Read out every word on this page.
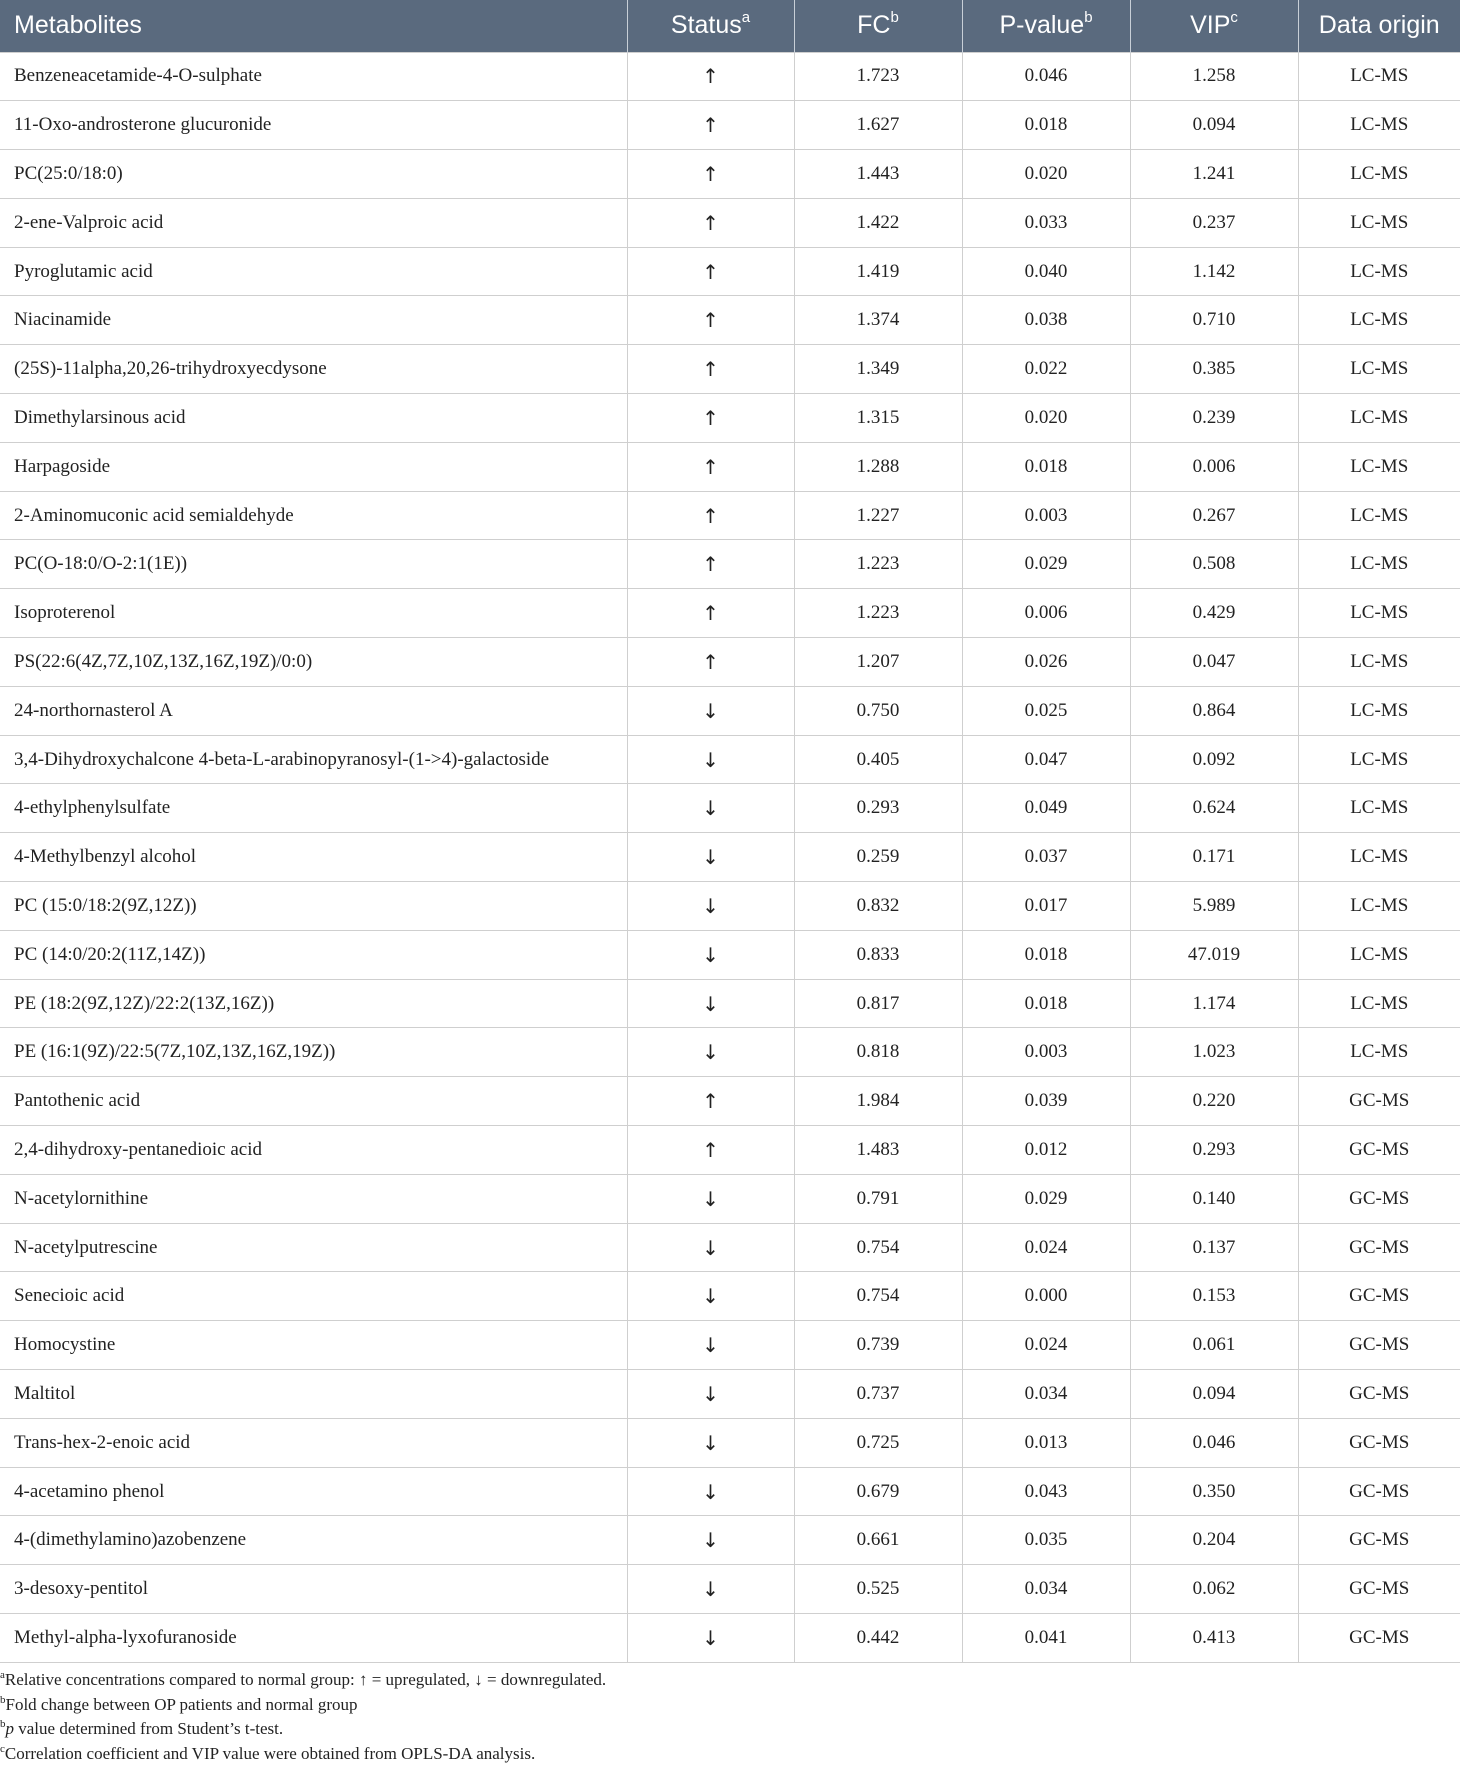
Metabolites	Status$^a$	$FC^b$	P-value$^b$	VIP$^c$	Data origin
Benzeneacetamide-4-O-sulphate	↑	1.723	0.046	1.258	LC-MS
11-Oxo-androsterone glucuronide	↑	1.627	0.018	0.094	LC-MS
PC(25:0/18:0)	↑	1.443	0.020	1.241	LC-MS
2-ene-Valproic acid	↑	1.422	0.033	0.237	LC-MS
Pyroglutamic acid	↑	1.419	0.040	1.142	LC-MS
Niacinamide	↑	1.374	0.038	0.710	LC-MS
(25S)-11alpha,20,26-trihydroxyecdysone	↑	1.349	0.022	0.385	LC-MS
Dimethylarsinous acid	↑	1.315	0.020	0.239	LC-MS
Harpagoside	↑	1.288	0.018	0.006	LC-MS
2-Aminomuconic acid semialdehyde	↑	1.227	0.003	0.267	LC-MS
PC(O-18:0/O-2:1(1E))	↑	1.223	0.029	0.508	LC-MS
Isoproterenol	↑	1.223	0.006	0.429	LC-MS
PS(22:6(4Z,7Z,10Z,13Z,16Z,19Z)/0:0)	↑	1.207	0.026	0.047	LC-MS
24-northornasterol A	↓	0.750	0.025	0.864	LC-MS
3,4-Dihydroxychalcone 4-beta-L-arabinopyranosyl-(1->4)-galactoside	↓	0.405	0.047	0.092	LC-MS
4-ethylphenylsulfate	↓	0.293	0.049	0.624	LC-MS
4-Methylbenzyl alcohol	↓	0.259	0.037	0.171	LC-MS
PC (15:0/18:2(9Z,12Z))	↓	0.832	0.017	5.989	LC-MS
PC (14:0/20:2(11Z,14Z))	↓	0.833	0.018	47.019	LC-MS
PE (18:2(9Z,12Z)/22:2(13Z,16Z))	↓	0.817	0.018	1.174	LC-MS
PE (16:1(9Z)/22:5(7Z,10Z,13Z,16Z,19Z))	↓	0.818	0.003	1.023	LC-MS
Pantothenic acid	↑	1.984	0.039	0.220	GC-MS
2,4-dihydroxy-pentanedioic acid	↑	1.483	0.012	0.293	GC-MS
N-acetylornithine	↓	0.791	0.029	0.140	GC-MS
N-acetylputrescine	↓	0.754	0.024	0.137	GC-MS
Senecioic acid	↓	0.754	0.000	0.153	GC-MS
Homocystine	↓	0.739	0.024	0.061	GC-MS
Maltitol	↓	0.737	0.034	0.094	GC-MS
Trans-hex-2-enoic acid	↓	0.725	0.013	0.046	GC-MS
4-acetamino phenol	↓	0.679	0.043	0.350	GC-MS
4-(dimethylamino)azobenzene	↓	0.661	0.035	0.204	GC-MS
3-desoxy-pentitol	↓	0.525	0.034	0.062	GC-MS
Methyl-alpha-lyxofuranoside	↓	0.442	0.041	0.413	GC-MS
$^a$Relative concentrations compared to normal group: ↑ = upregulated, ↓ = downregulated.
$^b$Fold change between OP patients and normal group
$^b$p value determined from Student’s t-test.
$^c$Correlation coefficient and VIP value were obtained from OPLS-DA analysis.
